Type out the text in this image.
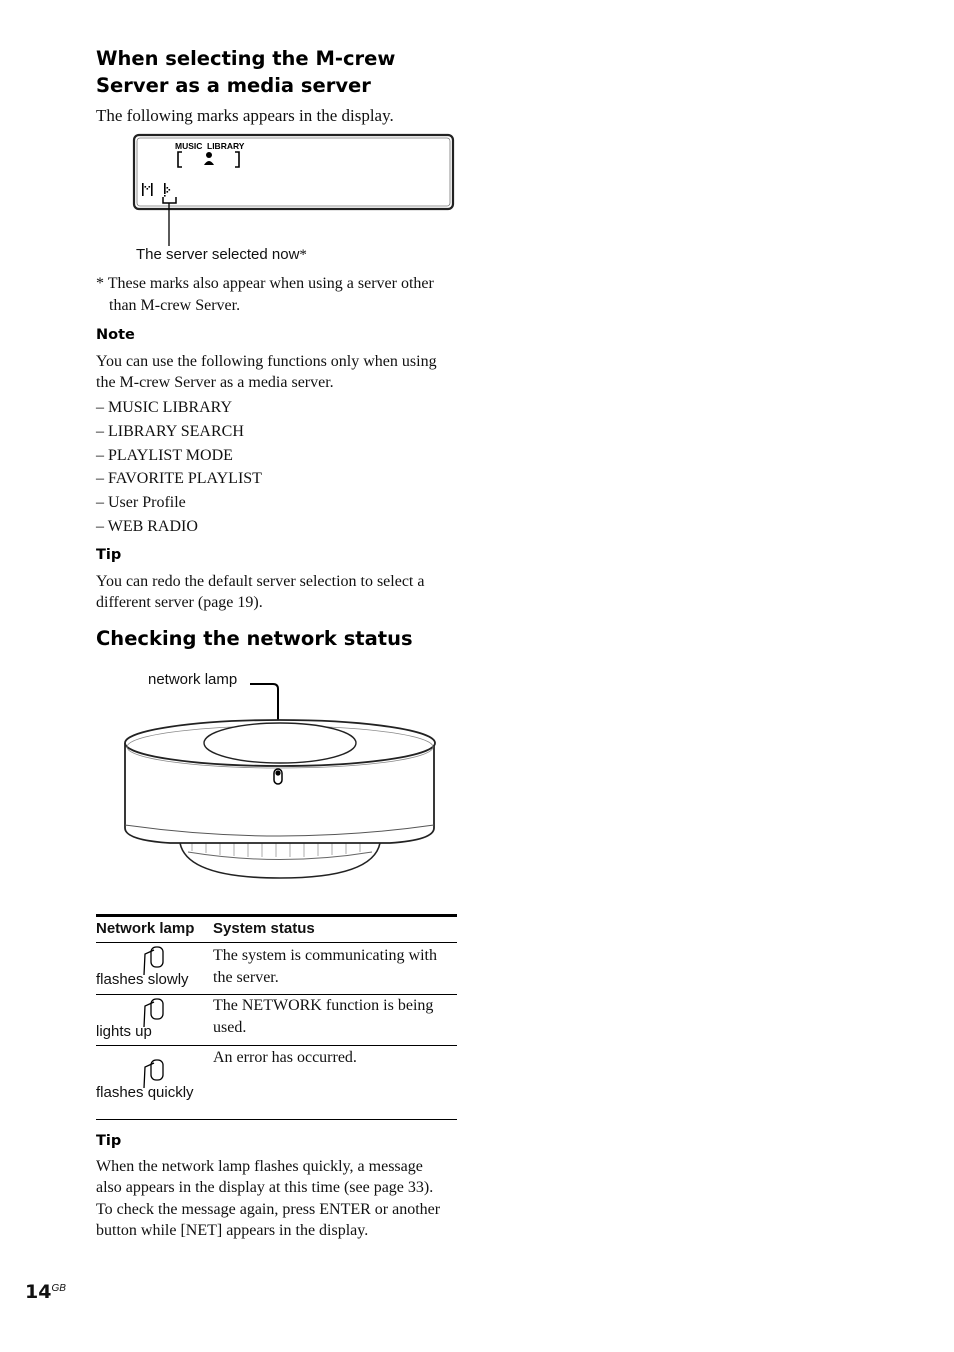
When selecting the M-crew
Server as a media server
The following marks appears in the display.
MUSIC LIBRARY
The server selected now*
* These marks also appear when using a server other
than M-crew Server.
Note
You can use the following functions only when using
the M-crew Server as a media server.
– MUSIC LIBRARY
– LIBRARY SEARCH
– PLAYLIST MODE
– FAVORITE PLAYLIST
– User Profile
– WEB RADIO
Tip
You can redo the default server selection to select a
different server (page 19).
Checking the network status
network lamp
Network lamp System status
flashes slowly
The system is communicating with
the server.
lights up
The NETWORK function is being
used.
flashes quickly
An error has occurred.
Tip
When the network lamp flashes quickly, a message
also appears in the display at this time (see page 33).
To check the message again, press ENTER or another
button while [NET] appears in the display.
$14^{GB}$
